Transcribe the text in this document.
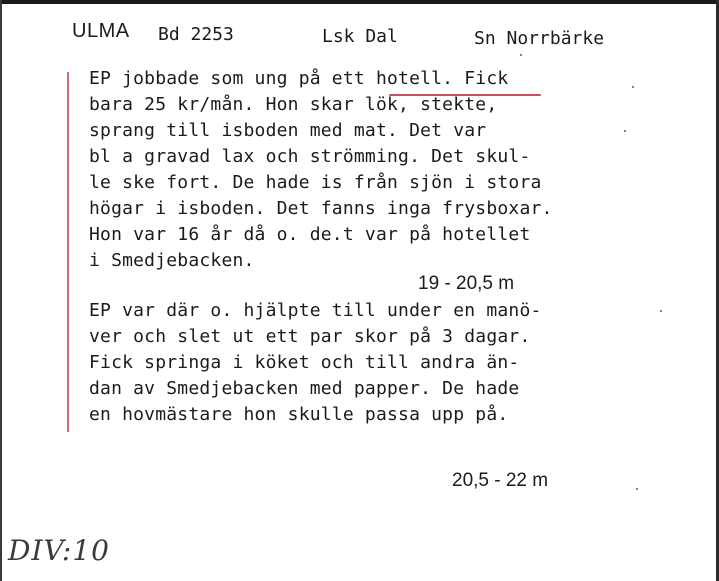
ULMA Bd 2253	Lsk Dal	Sn Norrbärke
EP jobbade som ung på ett hotell. Fick
bara 25 kr/mån. Hon skar lök, stekte,
sprang till isboden med mat. Det var
bl a gravad lax och strömming. Det skul-
le ske fort. De hade is från sjön i stora
högar i isboden. Det fanns inga frysboxar.
Hon var 16 år då o. de.t var på hotellet
i Smedjebacken.
19 - 20,5 m
EP var där o. hjälpte till under en manö-
ver och slet ut ett par skor på 3 dagar.
Fick springa i köket och till andra än-
dan av Smedjebacken med papper. De hade
en hovmästare hon skulle passa upp på.
20,5 - 22 m
DIV:10
